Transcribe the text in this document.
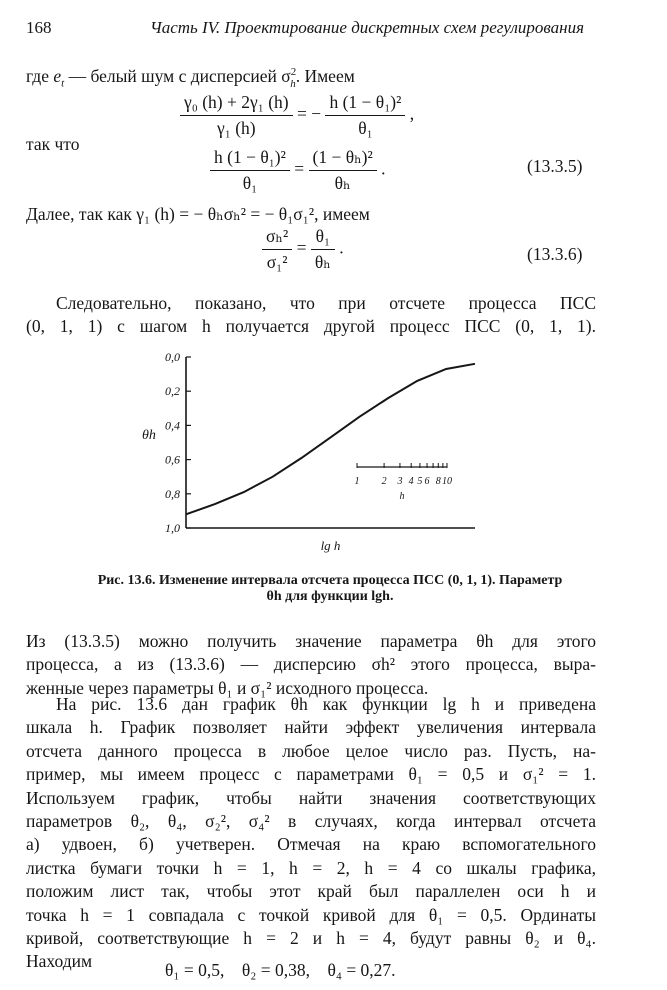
168	Часть IV. Проектирование дискретных схем регулирования
где $e_t$ — белый шум с дисперсией $\sigma^2_h$. Имеем
$\frac{\text{γ₀ (h) + 2γ₁ (h)}}{\text{γ₁ (h)}}$ = − $\frac{\text{h (1 − θ₁)²}}{\text{θ₁}}$ ,
так что
$\frac{\text{h (1 − θ₁)²}}{\text{θ₁}} = \frac{\text{(1 − θₕ)²}}{\text{θₕ}}$ .	(13.3.5)
Далее, так как γ₁ (h) = − θₕσₕ² = − θ₁σ₁², имеем
$\frac{\text{σₕ²}}{\text{σ₁²}} = \frac{\text{θ₁}}{\text{θₕ}}$ .	(13.3.6)
Следовательно, показано, что при отсчете процесса ПСС
(0, 1, 1) с шагом h получается другой процесс ПСС (0, 1, 1).
0,0
0,2
0,4
0,6
0,8
1,0
θh
lg h
1 2 3 4 5 6 8 10
h
Рис. 13.6. Изменение интервала отсчета процесса ПСС (0, 1, 1). Параметр
θh для функции lgh.
Из (13.3.5) можно получить значение параметра θh для этого
процесса, а из (13.3.6) — дисперсию σh² этого процесса, выра-
женные через параметры θ₁ и σ₁² исходного процесса.
На рис. 13.6 дан график θh как функции lg h и приведена
шкала h. График позволяет найти эффект увеличения интервала
отсчета данного процесса в любое целое число раз. Пусть, на-
пример, мы имеем процесс с параметрами θ₁ = 0,5 и σ₁² = 1.
Используем график, чтобы найти значения соответствующих
параметров θ₂, θ₄, σ₂², σ₄² в случаях, когда интервал отсчета
а) удвоен, б) учетверен. Отмечая на краю вспомогательного
листка бумаги точки h = 1, h = 2, h = 4 со шкалы графика,
положим лист так, чтобы этот край был параллелен оси h и
точка h = 1 совпадала с точкой кривой для θ₁ = 0,5. Ординаты
кривой, соответствующие h = 2 и h = 4, будут равны θ₂ и θ₄.
Находим	θ₁ = 0,5,    θ₂ = 0,38,    θ₄ = 0,27.
